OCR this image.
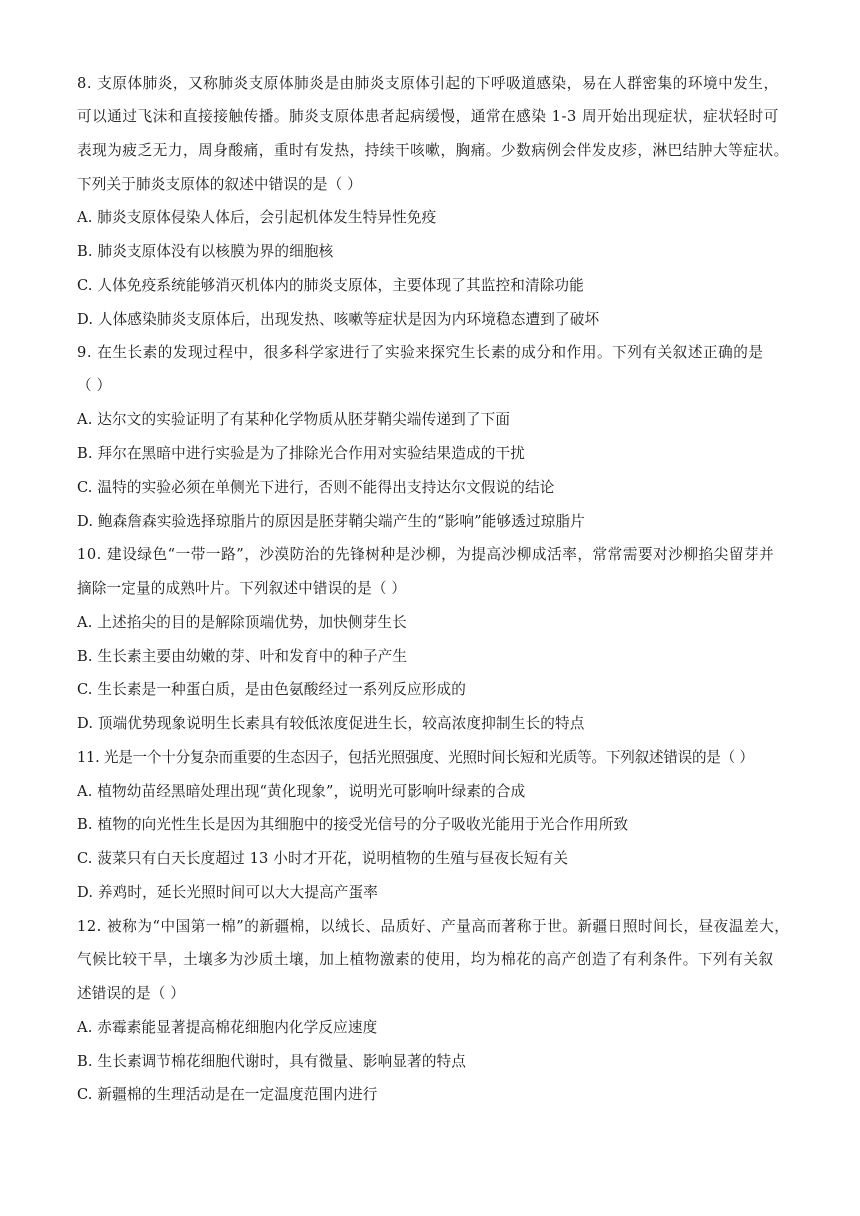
8. 支原体肺炎，又称肺炎支原体肺炎是由肺炎支原体引起的下呼吸道感染，易在人群密集的环境中发生，
可以通过飞沫和直接接触传播。肺炎支原体患者起病缓慢，通常在感染 1-3 周开始出现症状，症状轻时可
表现为疲乏无力，周身酸痛，重时有发热，持续干咳嗽，胸痛。少数病例会伴发皮疹，淋巴结肿大等症状。
下列关于肺炎支原体的叙述中错误的是（ ）
A. 肺炎支原体侵染人体后，会引起机体发生特异性免疫
B. 肺炎支原体没有以核膜为界的细胞核
C. 人体免疫系统能够消灭机体内的肺炎支原体，主要体现了其监控和清除功能
D. 人体感染肺炎支原体后，出现发热、咳嗽等症状是因为内环境稳态遭到了破坏
9. 在生长素的发现过程中，很多科学家进行了实验来探究生长素的成分和作用。下列有关叙述正确的是
（ ）
A. 达尔文的实验证明了有某种化学物质从胚芽鞘尖端传递到了下面
B. 拜尔在黑暗中进行实验是为了排除光合作用对实验结果造成的干扰
C. 温特的实验必须在单侧光下进行，否则不能得出支持达尔文假说的结论
D. 鲍森詹森实验选择琼脂片的原因是胚芽鞘尖端产生的“影响”能够透过琼脂片
10. 建设绿色“一带一路”，沙漠防治的先锋树种是沙柳，为提高沙柳成活率，常常需要对沙柳掐尖留芽并
摘除一定量的成熟叶片。下列叙述中错误的是（ ）
A. 上述掐尖的目的是解除顶端优势，加快侧芽生长
B. 生长素主要由幼嫩的芽、叶和发育中的种子产生
C. 生长素是一种蛋白质，是由色氨酸经过一系列反应形成的
D. 顶端优势现象说明生长素具有较低浓度促进生长，较高浓度抑制生长的特点
11. 光是一个十分复杂而重要的生态因子，包括光照强度、光照时间长短和光质等。下列叙述错误的是（ ）
A. 植物幼苗经黑暗处理出现“黄化现象”，说明光可影响叶绿素的合成
B. 植物的向光性生长是因为其细胞中的接受光信号的分子吸收光能用于光合作用所致
C. 菠菜只有白天长度超过 13 小时才开花，说明植物的生殖与昼夜长短有关
D. 养鸡时，延长光照时间可以大大提高产蛋率
12. 被称为“中国第一棉”的新疆棉，以绒长、品质好、产量高而著称于世。新疆日照时间长，昼夜温差大，
气候比较干旱，土壤多为沙质土壤，加上植物激素的使用，均为棉花的高产创造了有利条件。下列有关叙
述错误的是（ ）
A. 赤霉素能显著提高棉花细胞内化学反应速度
B. 生长素调节棉花细胞代谢时，具有微量、影响显著的特点
C. 新疆棉的生理活动是在一定温度范围内进行
